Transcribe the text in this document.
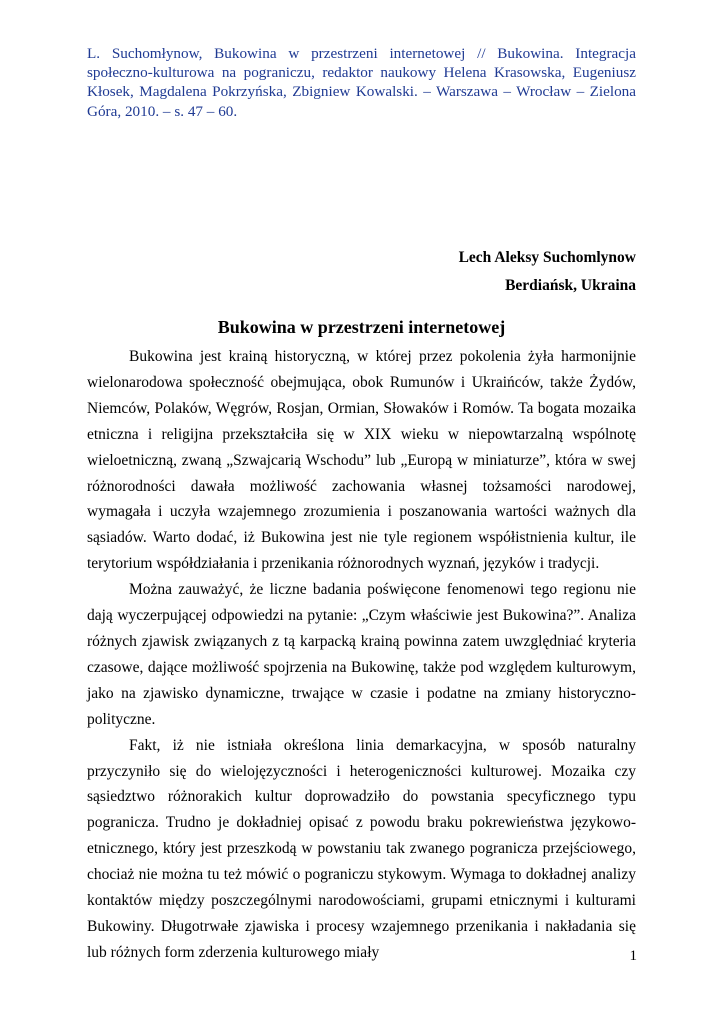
L. Suchomłynow, Bukowina w przestrzeni internetowej // Bukowina. Integracja społeczno-kulturowa na pograniczu, redaktor naukowy Helena Krasowska, Eugeniusz Kłosek, Magdalena Pokrzyńska, Zbigniew Kowalski. – Warszawa – Wrocław – Zielona Góra, 2010. – s. 47 – 60.

Lech Aleksy Suchomlynow
Berdiańsk, Ukraina
Bukowina w przestrzeni internetowej

Bukowina jest krainą historyczną, w której przez pokolenia żyła harmonijnie wielonarodowa społeczność obejmująca, obok Rumunów i Ukraińców, także Żydów, Niemców, Polaków, Węgrów, Rosjan, Ormian, Słowaków i Romów. Ta bogata mozaika etniczna i religijna przekształciła się w XIX wieku w niepowtarzalną wspólnotę wieloetniczną, zwaną „Szwajcarią Wschodu” lub „Europą w miniaturze”, która w swej różnorodności dawała możliwość zachowania własnej tożsamości narodowej, wymagała i uczyła wzajemnego zrozumienia i poszanowania wartości ważnych dla sąsiadów. Warto dodać, iż Bukowina jest nie tyle regionem współistnienia kultur, ile terytorium współdziałania i przenikania różnorodnych wyznań, języków i tradycji.

Można zauważyć, że liczne badania poświęcone fenomenowi tego regionu nie dają wyczerpującej odpowiedzi na pytanie: „Czym właściwie jest Bukowina?”. Analiza różnych zjawisk związanych z tą karpacką krainą powinna zatem uwzględniać kryteria czasowe, dające możliwość spojrzenia na Bukowinę, także pod względem kulturowym, jako na zjawisko dynamiczne, trwające w czasie i podatne na zmiany historyczno-polityczne.

Fakt, iż nie istniała określona linia demarkacyjna, w sposób naturalny przyczyniło się do wielojęzyczności i heterogeniczności kulturowej. Mozaika czy sąsiedztwo różnorakich kultur doprowadziło do powstania specyficznego typu pogranicza. Trudno je dokładniej opisać z powodu braku pokrewieństwa językowo-etnicznego, który jest przeszkodą w powstaniu tak zwanego pogranicza przejściowego, chociaż nie można tu też mówić o pograniczu stykowym. Wymaga to dokładnej analizy kontaktów między poszczególnymi narodowościami, grupami etnicznymi i kulturami Bukowiny. Długotrwałe zjawiska i procesy wzajemnego przenikania i nakładania się lub różnych form zderzenia kulturowego miały	1
